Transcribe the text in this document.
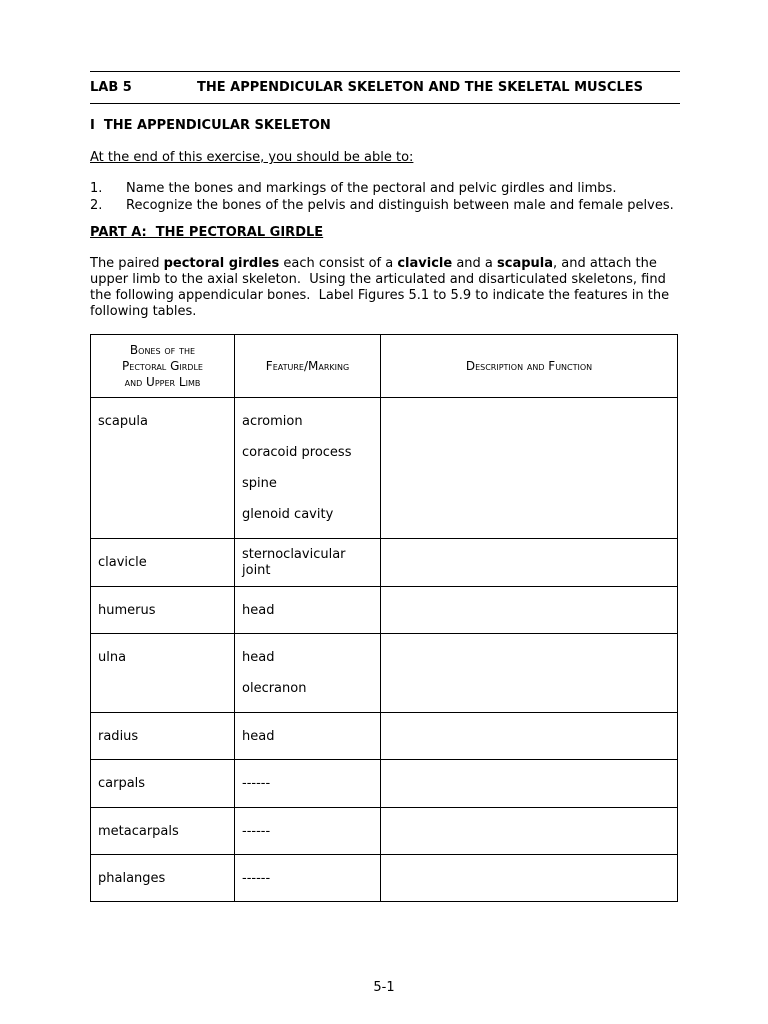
LAB 5	THE APPENDICULAR SKELETON AND THE SKELETAL MUSCLES
I  THE APPENDICULAR SKELETON
At the end of this exercise, you should be able to:
1. Name the bones and markings of the pectoral and pelvic girdles and limbs.
2. Recognize the bones of the pelvis and distinguish between male and female pelves.
PART A:  THE PECTORAL GIRDLE

The paired pectoral girdles each consist of a clavicle and a scapula, and attach the upper limb to the axial skeleton.  Using the articulated and disarticulated skeletons, find the following appendicular bones.  Label Figures 5.1 to 5.9 to indicate the features in the following tables.

Bones of the
Pectoral Girdle
and Upper Limb	Feature/Marking	Description and Function
scapula	acromion
coracoid process
spine
glenoid cavity	

clavicle	sternoclavicular joint	
humerus	head	
ulna	head
olecranon	

radius	head	
carpals	------	
metacarpals	------	
phalanges	------	
5-1
